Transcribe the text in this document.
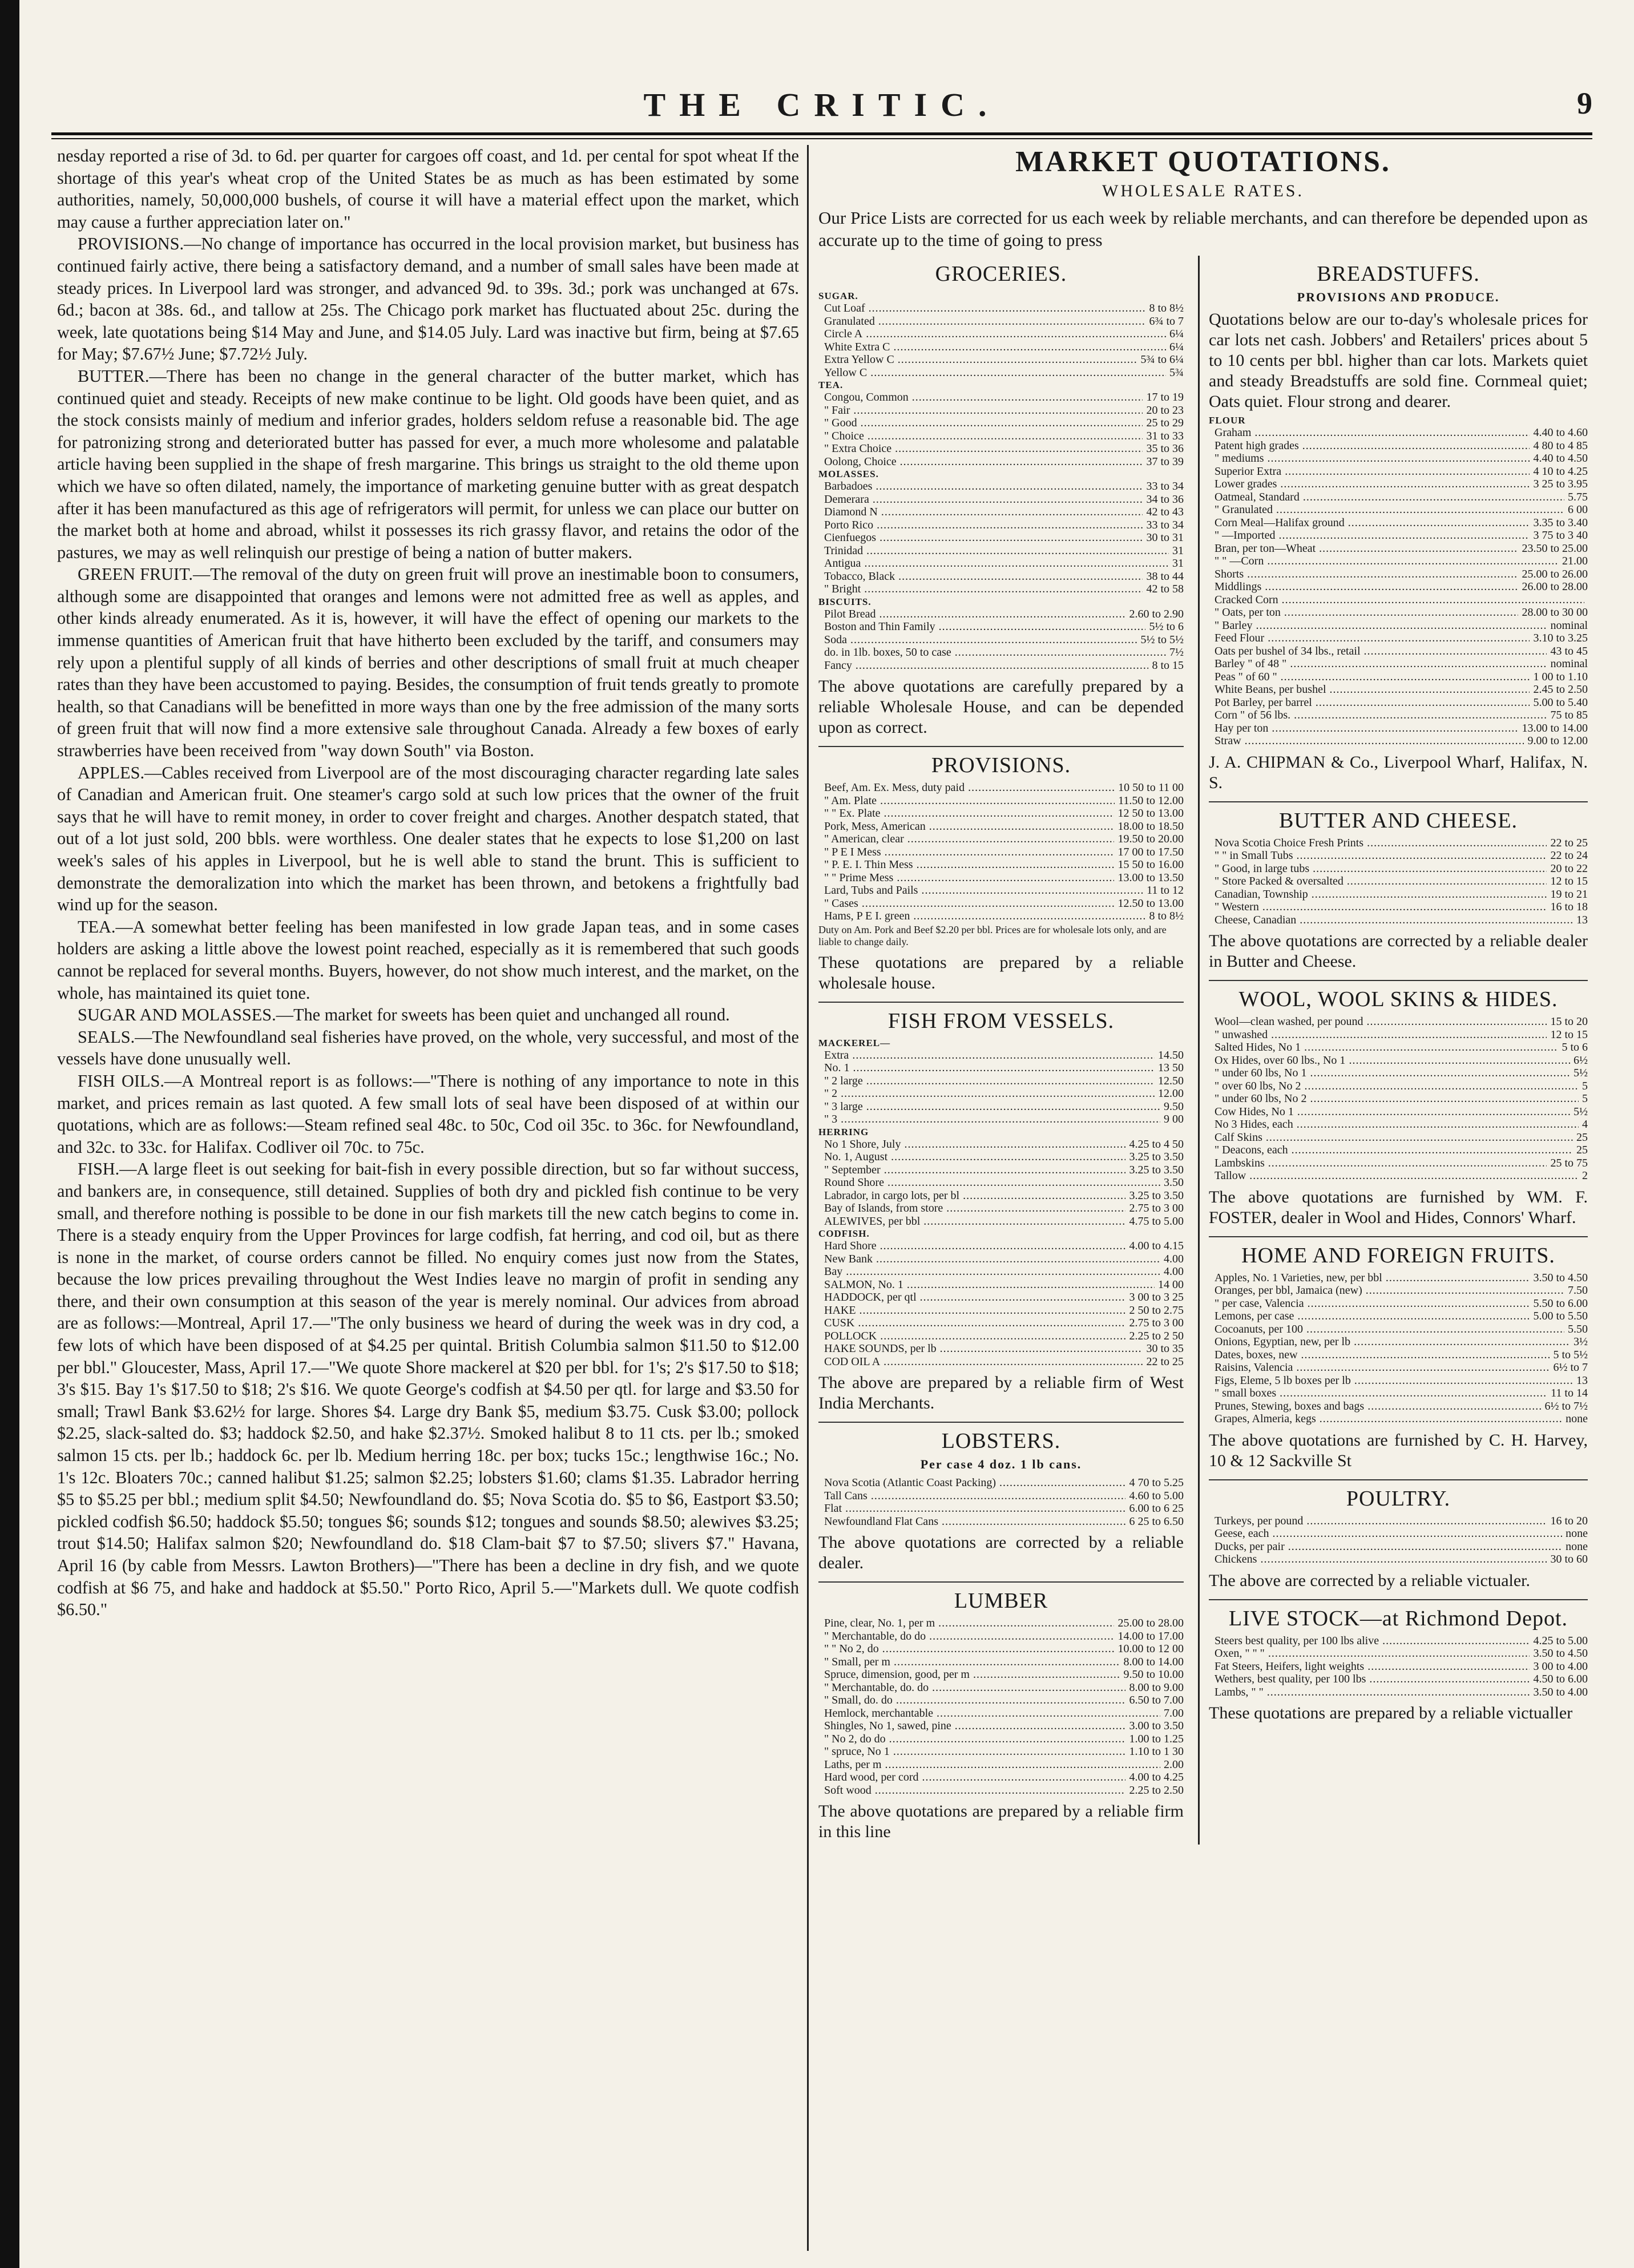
THE CRITIC.	9

nesday reported a rise of 3d. to 6d. per quarter for cargoes off coast, and 1d. per cental for spot wheat If the shortage of this year's wheat crop of the United States be as much as has been estimated by some authorities, namely, 50,000,000 bushels, of course it will have a material effect upon the market, which may cause a further appreciation later on."

PROVISIONS.—No change of importance has occurred in the local provision market, but business has continued fairly active, there being a satisfactory demand, and a number of small sales have been made at steady prices. In Liverpool lard was stronger, and advanced 9d. to 39s. 3d.; pork was unchanged at 67s. 6d.; bacon at 38s. 6d., and tallow at 25s. The Chicago pork market has fluctuated about 25c. during the week, late quotations being $14 May and June, and $14.05 July. Lard was inactive but firm, being at $7.65 for May; $7.67½ June; $7.72½ July.

BUTTER.—There has been no change in the general character of the butter market, which has continued quiet and steady. Receipts of new make continue to be light. Old goods have been quiet, and as the stock consists mainly of medium and inferior grades, holders seldom refuse a reasonable bid. The age for patronizing strong and deteriorated butter has passed for ever, a much more wholesome and palatable article having been supplied in the shape of fresh margarine. This brings us straight to the old theme upon which we have so often dilated, namely, the importance of marketing genuine butter with as great despatch after it has been manufactured as this age of refrigerators will permit, for unless we can place our butter on the market both at home and abroad, whilst it possesses its rich grassy flavor, and retains the odor of the pastures, we may as well relinquish our prestige of being a nation of butter makers.

GREEN FRUIT.—The removal of the duty on green fruit will prove an inestimable boon to consumers, although some are disappointed that oranges and lemons were not admitted free as well as apples, and other kinds already enumerated. As it is, however, it will have the effect of opening our markets to the immense quantities of American fruit that have hitherto been excluded by the tariff, and consumers may rely upon a plentiful supply of all kinds of berries and other descriptions of small fruit at much cheaper rates than they have been accustomed to paying. Besides, the consumption of fruit tends greatly to promote health, so that Canadians will be benefitted in more ways than one by the free admission of the many sorts of green fruit that will now find a more extensive sale throughout Canada. Already a few boxes of early strawberries have been received from "way down South" via Boston.

APPLES.—Cables received from Liverpool are of the most discouraging character regarding late sales of Canadian and American fruit. One steamer's cargo sold at such low prices that the owner of the fruit says that he will have to remit money, in order to cover freight and charges. Another despatch stated, that out of a lot just sold, 200 bbls. were worthless. One dealer states that he expects to lose $1,200 on last week's sales of his apples in Liverpool, but he is well able to stand the brunt. This is sufficient to demonstrate the demoralization into which the market has been thrown, and betokens a frightfully bad wind up for the season.

TEA.—A somewhat better feeling has been manifested in low grade Japan teas, and in some cases holders are asking a little above the lowest point reached, especially as it is remembered that such goods cannot be replaced for several months. Buyers, however, do not show much interest, and the market, on the whole, has maintained its quiet tone.

SUGAR AND MOLASSES.—The market for sweets has been quiet and unchanged all round.

SEALS.—The Newfoundland seal fisheries have proved, on the whole, very successful, and most of the vessels have done unusually well.

FISH OILS.—A Montreal report is as follows:—"There is nothing of any importance to note in this market, and prices remain as last quoted. A few small lots of seal have been disposed of at within our quotations, which are as follows:—Steam refined seal 48c. to 50c, Cod oil 35c. to 36c. for Newfoundland, and 32c. to 33c. for Halifax. Codliver oil 70c. to 75c.

FISH.—A large fleet is out seeking for bait-fish in every possible direction, but so far without success, and bankers are, in consequence, still detained. Supplies of both dry and pickled fish continue to be very small, and therefore nothing is possible to be done in our fish markets till the new catch begins to come in. There is a steady enquiry from the Upper Provinces for large codfish, fat herring, and cod oil, but as there is none in the market, of course orders cannot be filled. No enquiry comes just now from the States, because the low prices prevailing throughout the West Indies leave no margin of profit in sending any there, and their own consumption at this season of the year is merely nominal. Our advices from abroad are as follows:—Montreal, April 17.—"The only business we heard of during the week was in dry cod, a few lots of which have been disposed of at $4.25 per quintal. British Columbia salmon $11.50 to $12.00 per bbl." Gloucester, Mass, April 17.—"We quote Shore mackerel at $20 per bbl. for 1's; 2's $17.50 to $18; 3's $15. Bay 1's $17.50 to $18; 2's $16. We quote George's codfish at $4.50 per qtl. for large and $3.50 for small; Trawl Bank $3.62½ for large. Shores $4. Large dry Bank $5, medium $3.75. Cusk $3.00; pollock $2.25, slack-salted do. $3; haddock $2.50, and hake $2.37½. Smoked halibut 8 to 11 cts. per lb.; smoked salmon 15 cts. per lb.; haddock 6c. per lb. Medium herring 18c. per box; tucks 15c.; lengthwise 16c.; No. 1's 12c. Bloaters 70c.; canned halibut $1.25; salmon $2.25; lobsters $1.60; clams $1.35. Labrador herring $5 to $5.25 per bbl.; medium split $4.50; Newfoundland do. $5; Nova Scotia do. $5 to $6, Eastport $3.50; pickled codfish $6.50; haddock $5.50; tongues $6; sounds $12; tongues and sounds $8.50; alewives $3.25; trout $14.50; Halifax salmon $20; Newfoundland do. $18 Clam-bait $7 to $7.50; slivers $7." Havana, April 16 (by cable from Messrs. Lawton Brothers)—"There has been a decline in dry fish, and we quote codfish at $6 75, and hake and haddock at $5.50." Porto Rico, April 5.—"Markets dull. We quote codfish $6.50."

MARKET QUOTATIONS.
WHOLESALE RATES.

Our Price Lists are corrected for us each week by reliable merchants, and can therefore be depended upon as accurate up to the time of going to press

GROCERIES.
SUGAR.
Cut Loaf .....	8 to 8½
Granulated .....	6¾ to 7
Circle A .....	6¼
White Extra C .....	6¼
Extra Yellow C .....	5¾ to 6¼
Yellow C .....	5¾
TEA.
Congou, Common .....	17 to 19
" Fair .....	20 to 23
" Good .....	25 to 29
" Choice .....	31 to 33
" Extra Choice .....	35 to 36
Oolong, Choice .....	37 to 39
MOLASSES.
Barbadoes .....	33 to 34
Demerara .....	34 to 36
Diamond N .....	42 to 43
Porto Rico .....	33 to 34
Cienfuegos .....	30 to 31
Trinidad .....	31
Antigua .....	31
Tobacco, Black .....	38 to 44
" Bright .....	42 to 58
BISCUITS.
Pilot Bread .....	2.60 to 2.90
Boston and Thin Family .....	5½ to 6
Soda .....	5½ to 5½
do. in 1lb. boxes, 50 to case .....	7½
Fancy .....	8 to 15

The above quotations are carefully prepared by a reliable Wholesale House, and can be depended upon as correct.

PROVISIONS.
Beef, Am. Ex. Mess, duty paid .....	10 50 to 11 00
" Am. Plate .....	11.50 to 12.00
" " Ex. Plate .....	12 50 to 13.00
Pork, Mess, American .....	18.00 to 18.50
" American, clear .....	19.50 to 20.00
" P E I Mess .....	17 00 to 17.50
" P. E. I. Thin Mess .....	15 50 to 16.00
" " Prime Mess .....	13.00 to 13.50
Lard, Tubs and Pails .....	11 to 12
" Cases .....	12.50 to 13.00
Hams, P E I. green .....	8 to 8½

Duty on Am. Pork and Beef $2.20 per bbl. Prices are for wholesale lots only, and are liable to change daily.

These quotations are prepared by a reliable wholesale house.

FISH FROM VESSELS.
MACKEREL—
Extra .....	14.50
No. 1 .....	13 50
" 2 large .....	12.50
" 2 .....	12.00
" 3 large .....	9.50
" 3 .....	9 00
HERRING
No 1 Shore, July .....	4.25 to 4 50
No. 1, August .....	3.25 to 3.50
" September .....	3.25 to 3.50
Round Shore .....	3.50
Labrador, in cargo lots, per bl .....	3.25 to 3.50
Bay of Islands, from store .....	2.75 to 3 00
ALEWIVES, per bbl .....	4.75 to 5.00
CODFISH.
Hard Shore .....	4.00 to 4.15
New Bank .....	4.00
Bay .....	4.00
SALMON, No. 1 .....	14 00
HADDOCK, per qtl .....	3 00 to 3 25
HAKE .....	2 50 to 2.75
CUSK .....	2.75 to 3 00
POLLOCK .....	2.25 to 2 50
HAKE SOUNDS, per lb .....	30 to 35
COD OIL A .....	22 to 25

The above are prepared by a reliable firm of West India Merchants.

LOBSTERS.
Per case 4 doz. 1 lb cans.
Nova Scotia (Atlantic Coast Packing) .....	4 70 to 5.25
Tall Cans .....	4.60 to 5.00
Flat .....	6.00 to 6 25
Newfoundland Flat Cans .....	6 25 to 6.50

The above quotations are corrected by a reliable dealer.

LUMBER
Pine, clear, No. 1, per m .....	25.00 to 28.00
" Merchantable, do do .....	14.00 to 17.00
" " No 2, do .....	10.00 to 12 00
" Small, per m .....	8.00 to 14.00
Spruce, dimension, good, per m .....	9.50 to 10.00
" Merchantable, do. do .....	8.00 to 9.00
" Small, do. do .....	6.50 to 7.00
Hemlock, merchantable .....	7.00
Shingles, No 1, sawed, pine .....	3.00 to 3.50
" No 2, do do .....	1.00 to 1.25
" spruce, No 1 .....	1.10 to 1 30
Laths, per m .....	2.00
Hard wood, per cord .....	4.00 to 4.25
Soft wood .....	2.25 to 2.50

The above quotations are prepared by a reliable firm in this line

BREADSTUFFS.
PROVISIONS AND PRODUCE.

Quotations below are our to-day's wholesale prices for car lots net cash. Jobbers' and Retailers' prices about 5 to 10 cents per bbl. higher than car lots. Markets quiet and steady Breadstuffs are sold fine. Cornmeal quiet; Oats quiet. Flour strong and dearer.

FLOUR
Graham .....	4.40 to 4.60
Patent high grades .....	4 80 to 4 85
" mediums .....	4.40 to 4.50
Superior Extra .....	4 10 to 4.25
Lower grades .....	3 25 to 3.95
Oatmeal, Standard .....	5.75
" Granulated .....	6 00
Corn Meal—Halifax ground .....	3.35 to 3.40
" —Imported .....	3 75 to 3 40
Bran, per ton—Wheat .....	23.50 to 25.00
" " —Corn .....	21.00
Shorts .....	25.00 to 26.00
Middlings .....	26.00 to 28.00
Cracked Corn .....
" Oats, per ton .....	28.00 to 30 00
" Barley .....	nominal
Feed Flour .....	3.10 to 3.25
Oats per bushel of 34 lbs., retail .....	43 to 45
Barley " of 48 " .....	nominal
Peas " of 60 " .....	1 00 to 1.10
White Beans, per bushel .....	2.45 to 2.50
Pot Barley, per barrel .....	5.00 to 5.40
Corn " of 56 lbs. .....	75 to 85
Hay per ton .....	13.00 to 14.00
Straw .....	9.00 to 12.00

J. A. CHIPMAN & Co., Liverpool Wharf, Halifax, N. S.

BUTTER AND CHEESE.
Nova Scotia Choice Fresh Prints .....	22 to 25
" " in Small Tubs .....	22 to 24
" Good, in large tubs .....	20 to 22
" Store Packed & oversalted .....	12 to 15
Canadian, Township .....	19 to 21
" Western .....	16 to 18
Cheese, Canadian .....	13

The above quotations are corrected by a reliable dealer in Butter and Cheese.

WOOL, WOOL SKINS & HIDES.
Wool—clean washed, per pound .....	15 to 20
" unwashed .....	12 to 15
Salted Hides, No 1 .....	5 to 6
Ox Hides, over 60 lbs., No 1 .....	6½
" under 60 lbs, No 1 .....	5½
" over 60 lbs, No 2 .....	5
" under 60 lbs, No 2 .....	5
Cow Hides, No 1 .....	5½
No 3 Hides, each .....	4
Calf Skins .....	25
" Deacons, each .....	25
Lambskins .....	25 to 75
Tallow .....	2

The above quotations are furnished by WM. F. FOSTER, dealer in Wool and Hides, Connors' Wharf.

HOME AND FOREIGN FRUITS.
Apples, No. 1 Varieties, new, per bbl .....	3.50 to 4.50
Oranges, per bbl, Jamaica (new) .....	7.50
" per case, Valencia .....	5.50 to 6.00
Lemons, per case .....	5.00 to 5.50
Cocoanuts, per 100 .....	5.50
Onions, Egyptian, new, per lb .....	3½
Dates, boxes, new .....	5 to 5½
Raisins, Valencia .....	6½ to 7
Figs, Eleme, 5 lb boxes per lb .....	13
" small boxes .....	11 to 14
Prunes, Stewing, boxes and bags .....	6½ to 7½
Grapes, Almeria, kegs .....	none

The above quotations are furnished by C. H. Harvey, 10 & 12 Sackville St

POULTRY.
Turkeys, per pound .....	16 to 20
Geese, each .....	none
Ducks, per pair .....	none
Chickens .....	30 to 60

The above are corrected by a reliable victualer.

LIVE STOCK—at Richmond Depot.
Steers best quality, per 100 lbs alive .....	4.25 to 5.00
Oxen, " " " .....	3.50 to 4.50
Fat Steers, Heifers, light weights .....	3 00 to 4.00
Wethers, best quality, per 100 lbs .....	4.50 to 6.00
Lambs, " " .....	3.50 to 4.00

These quotations are prepared by a reliable victualler
